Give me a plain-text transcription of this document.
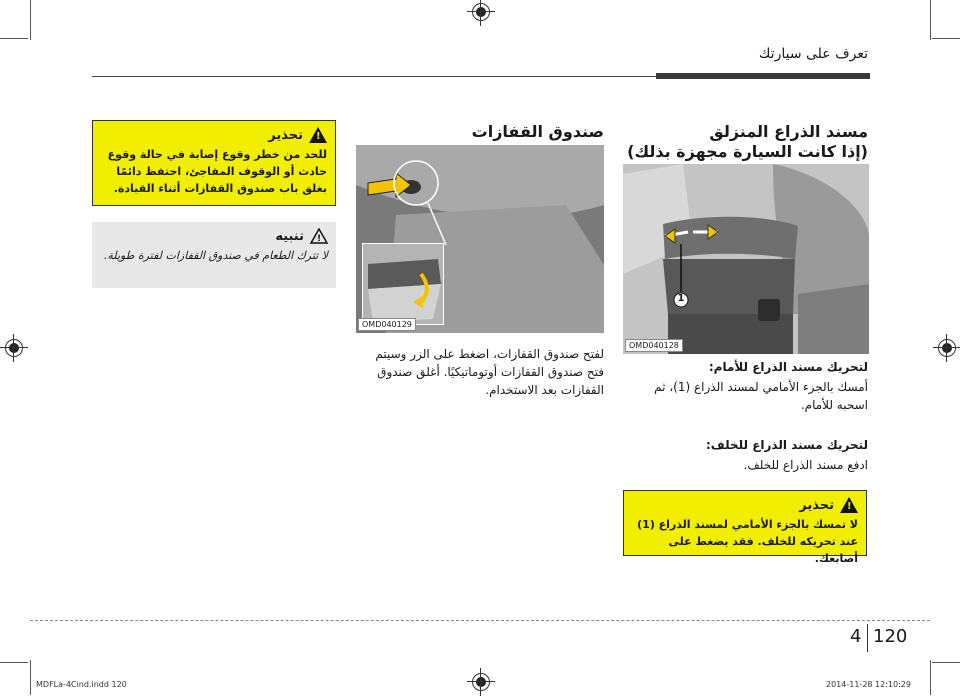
تعرف على سيارتك
مسند الذراع المنزلق
(إذا كانت السيارة مجهزة بذلك)
1
OMD040128
لتحريك مسند الذراع للأمام:
أمسك بالجزء الأمامي لمسند الذراع (1)، ثم اسحبه للأمام.
لتحريك مسند الذراع للخلف:
ادفع مسند الذراع للخلف.
!
تحذير
لا تمسك بالجزء الأمامي لمسند الذراع (1) عند تحريكه للخلف. فقد يضغط على أصابعك.
صندوق القفازات
OMD040129
لفتح صندوق القفازات، اضغط على الزر وسيتم فتح صندوق القفازات أوتوماتيكيًا. أغلق صندوق القفازات بعد الاستخدام.
!
تحذير
للحد من خطر وقوع إصابة في حالة وقوع حادث أو الوقوف المفاجئ، احتفظ دائمًا بغلق باب صندوق القفازات أثناء القيادة.
!
تنبيه
لا تترك الطعام في صندوق القفازات لفترة طويلة.
120
4
MDFLa-4Cind.indd 120	2014-11-28 12:10:29
